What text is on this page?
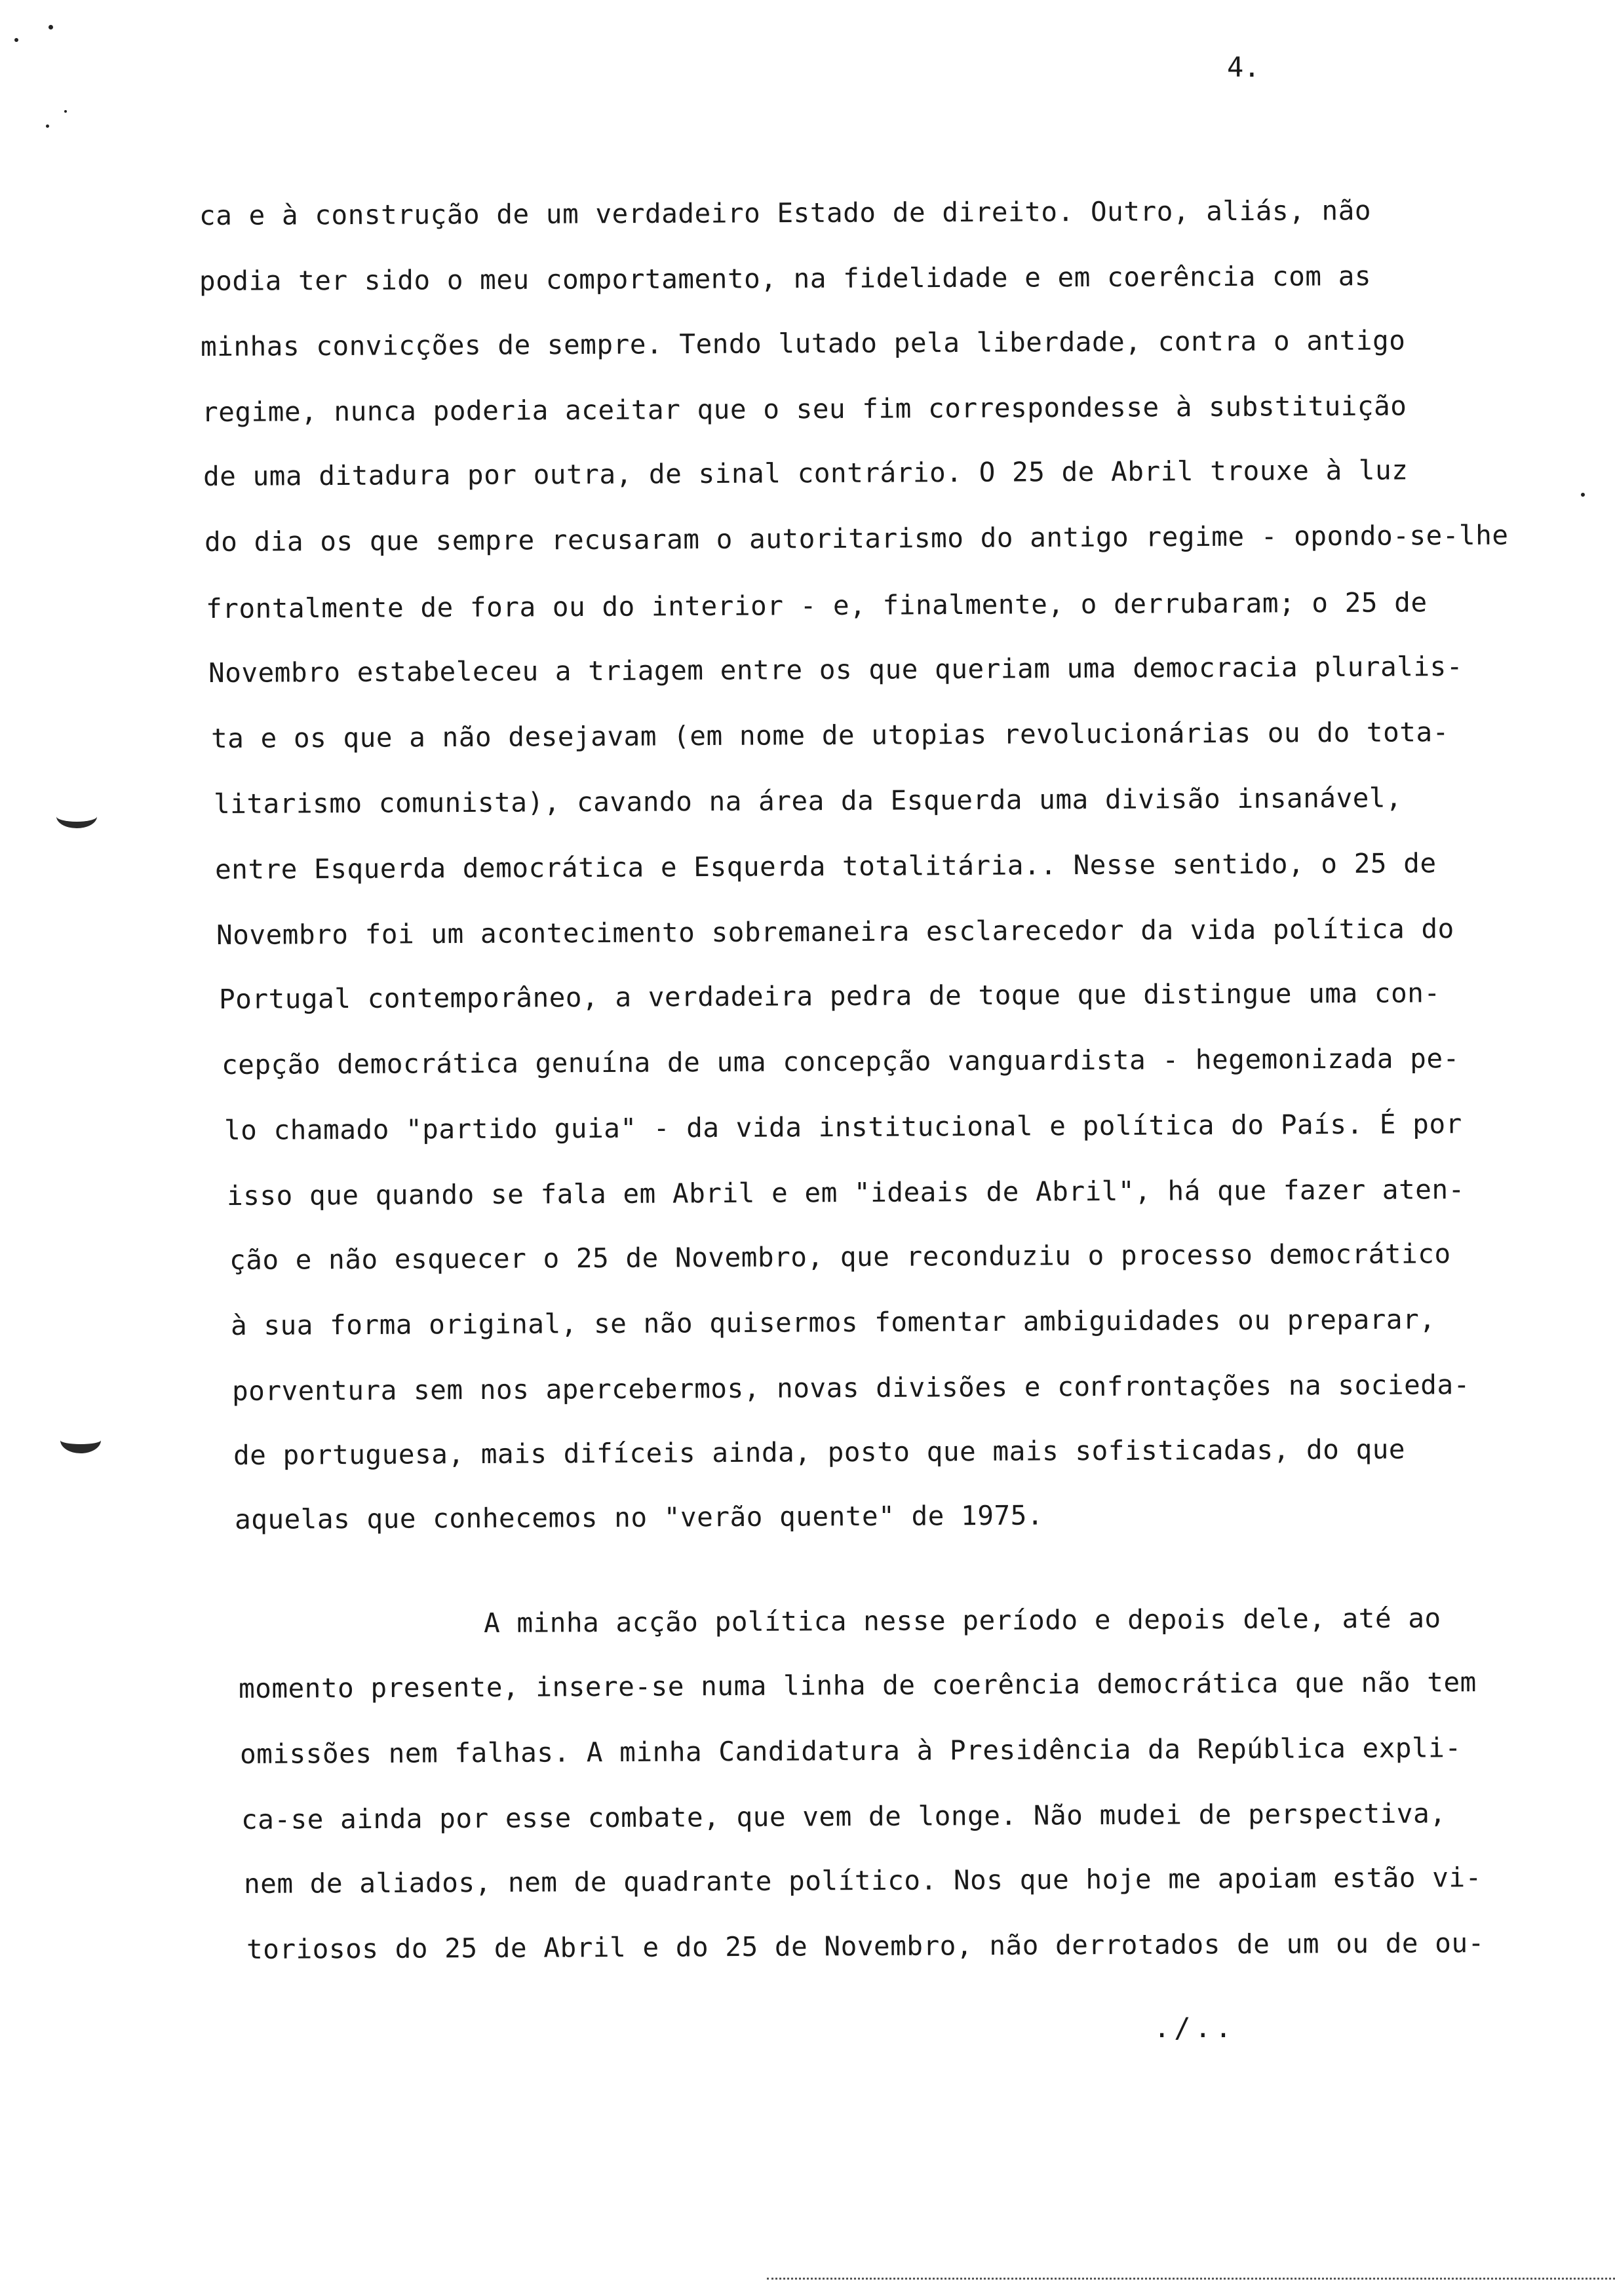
4.
ca e à construção de um verdadeiro Estado de direito. Outro, aliás, não
podia ter sido o meu comportamento, na fidelidade e em coerência com as
minhas convicções de sempre. Tendo lutado pela liberdade, contra o antigo
regime, nunca poderia aceitar que o seu fim correspondesse à substituição
de uma ditadura por outra, de sinal contrário. O 25 de Abril trouxe à luz
do dia os que sempre recusaram o autoritarismo do antigo regime - opondo-se-lhe
frontalmente de fora ou do interior - e, finalmente, o derrubaram; o 25 de
Novembro estabeleceu a triagem entre os que queriam uma democracia pluralis-
ta e os que a não desejavam (em nome de utopias revolucionárias ou do tota-
litarismo comunista), cavando na área da Esquerda uma divisão insanável,
entre Esquerda democrática e Esquerda totalitária.. Nesse sentido, o 25 de
Novembro foi um acontecimento sobremaneira esclarecedor da vida política do
Portugal contemporâneo, a verdadeira pedra de toque que distingue uma con-
cepção democrática genuína de uma concepção vanguardista - hegemonizada pe-
lo chamado "partido guia" - da vida institucional e política do País. É por
isso que quando se fala em Abril e em "ideais de Abril", há que fazer aten-
ção e não esquecer o 25 de Novembro, que reconduziu o processo democrático
à sua forma original, se não quisermos fomentar ambiguidades ou preparar,
porventura sem nos apercebermos, novas divisões e confrontações na socieda-
de portuguesa, mais difíceis ainda, posto que mais sofisticadas, do que
aquelas que conhecemos no "verão quente" de 1975.
A minha acção política nesse período e depois dele, até ao
momento presente, insere-se numa linha de coerência democrática que não tem
omissões nem falhas. A minha Candidatura à Presidência da República expli-
ca-se ainda por esse combate, que vem de longe. Não mudei de perspectiva,
nem de aliados, nem de quadrante político. Nos que hoje me apoiam estão vi-
toriosos do 25 de Abril e do 25 de Novembro, não derrotados de um ou de ou-
./..
